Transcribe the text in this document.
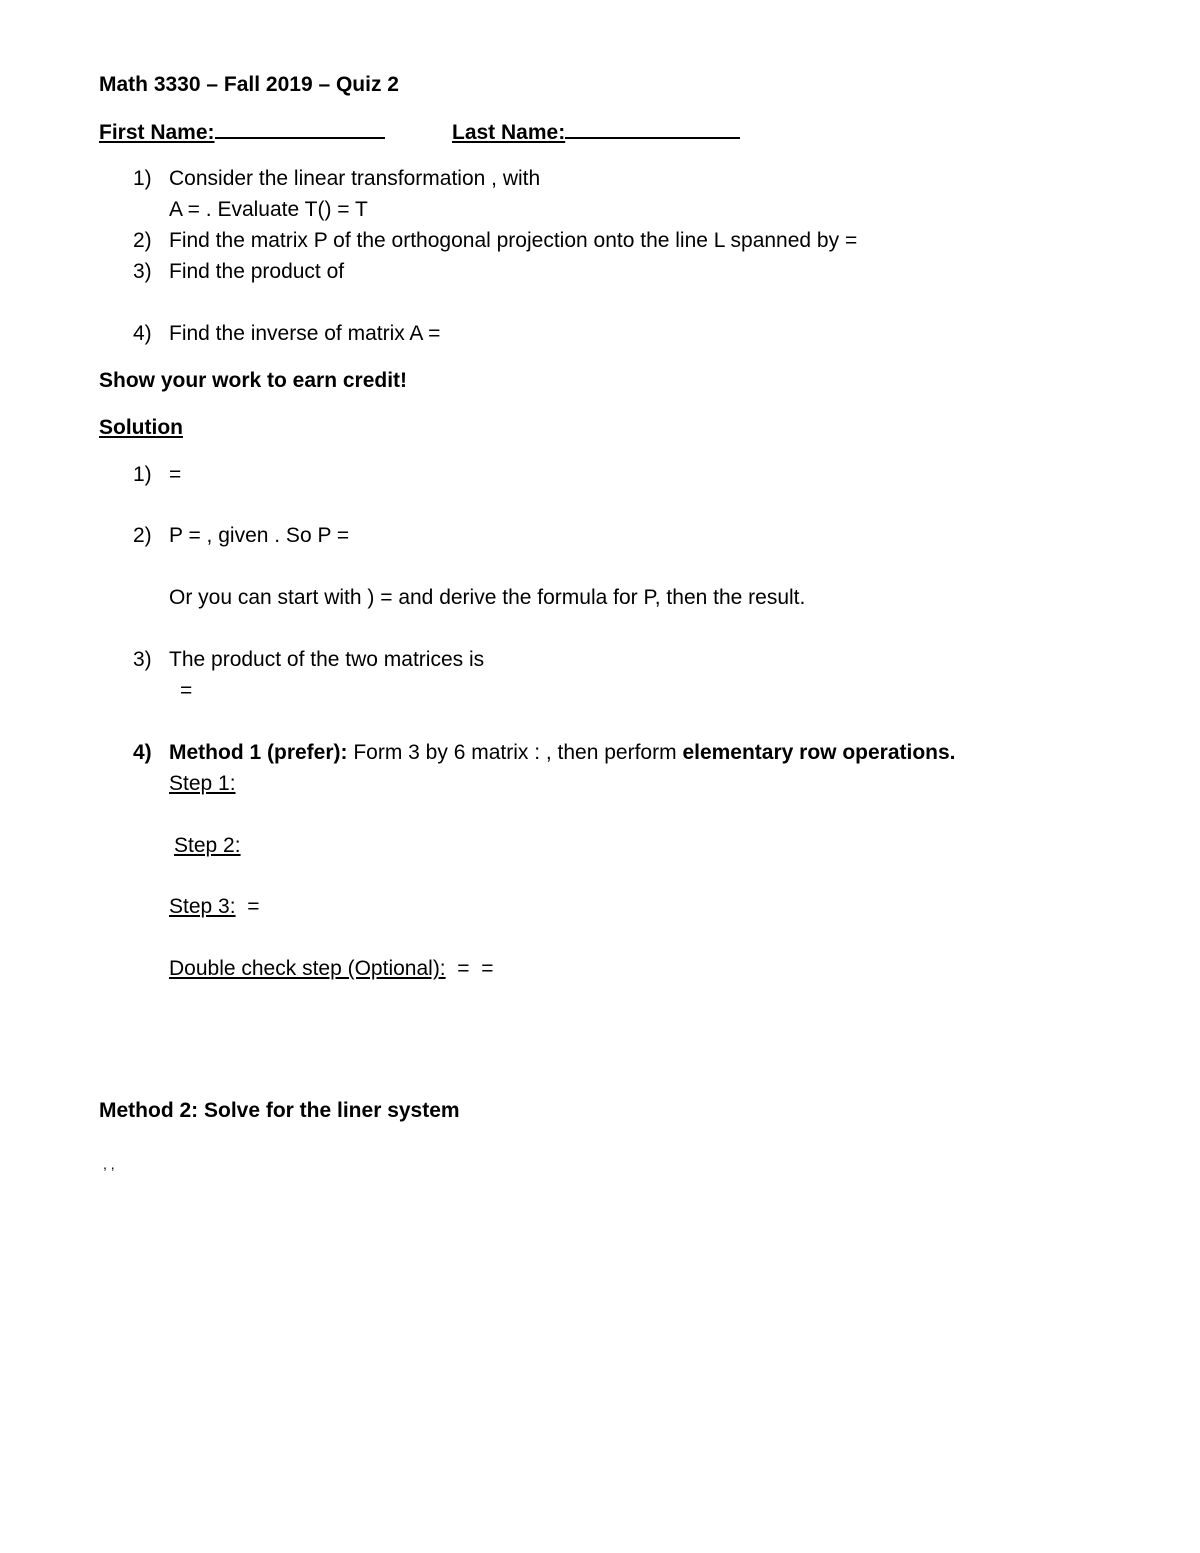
Math 3330 – Fall 2019 – Quiz 2
First Name:	Last Name:
1) Consider the linear transformation , with
A = . Evaluate T() = T
2) Find the matrix P of the orthogonal projection onto the line L spanned by =
3) Find the product of
4) Find the inverse of matrix A =
Show your work to earn credit!
Solution
1) =
2) P = , given . So P =
Or you can start with ) = and derive the formula for P, then the result.
3) The product of the two matrices is
=
4) Method 1 (prefer): Form 3 by 6 matrix : , then perform elementary row operations.
Step 1:
Step 2:
Step 3:  =
Double check step (Optional):  =  =
Method 2: Solve for the liner system
, ,
